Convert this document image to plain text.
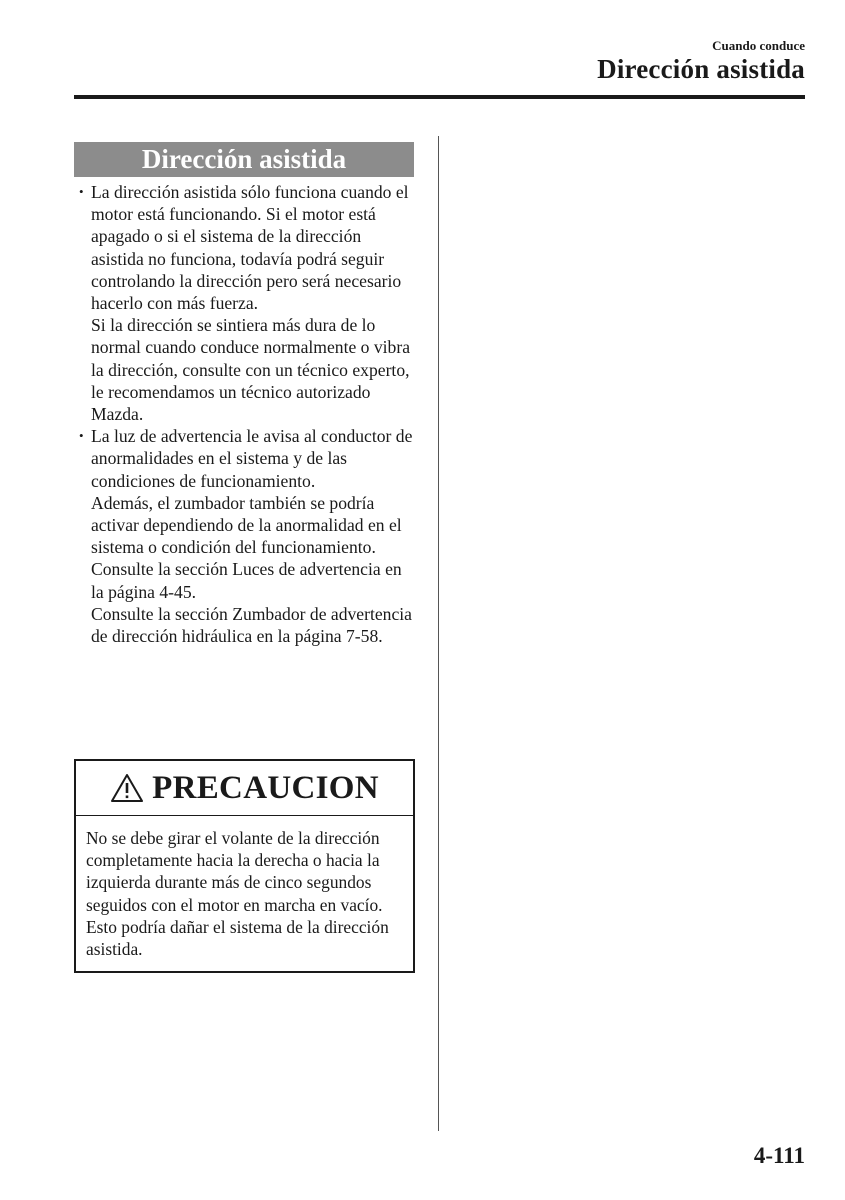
Cuando conduce
Dirección asistida
Dirección asistida

• La dirección asistida sólo funciona cuando el motor está funcionando. Si el motor está apagado o si el sistema de la dirección asistida no funciona, todavía podrá seguir controlando la dirección pero será necesario hacerlo con más fuerza.

Si la dirección se sintiera más dura de lo normal cuando conduce normalmente o vibra la dirección, consulte con un técnico experto, le recomendamos un técnico autorizado Mazda.

• La luz de advertencia le avisa al conductor de anormalidades en el sistema y de las condiciones de funcionamiento.

Además, el zumbador también se podría activar dependiendo de la anormalidad en el sistema o condición del funcionamiento.

Consulte la sección Luces de advertencia en la página 4-45.

Consulte la sección Zumbador de advertencia de dirección hidráulica en la página 7-58.

PRECAUCION

No se debe girar el volante de la dirección completamente hacia la derecha o hacia la izquierda durante más de cinco segundos seguidos con el motor en marcha en vacío. Esto podría dañar el sistema de la dirección asistida.

4-111
